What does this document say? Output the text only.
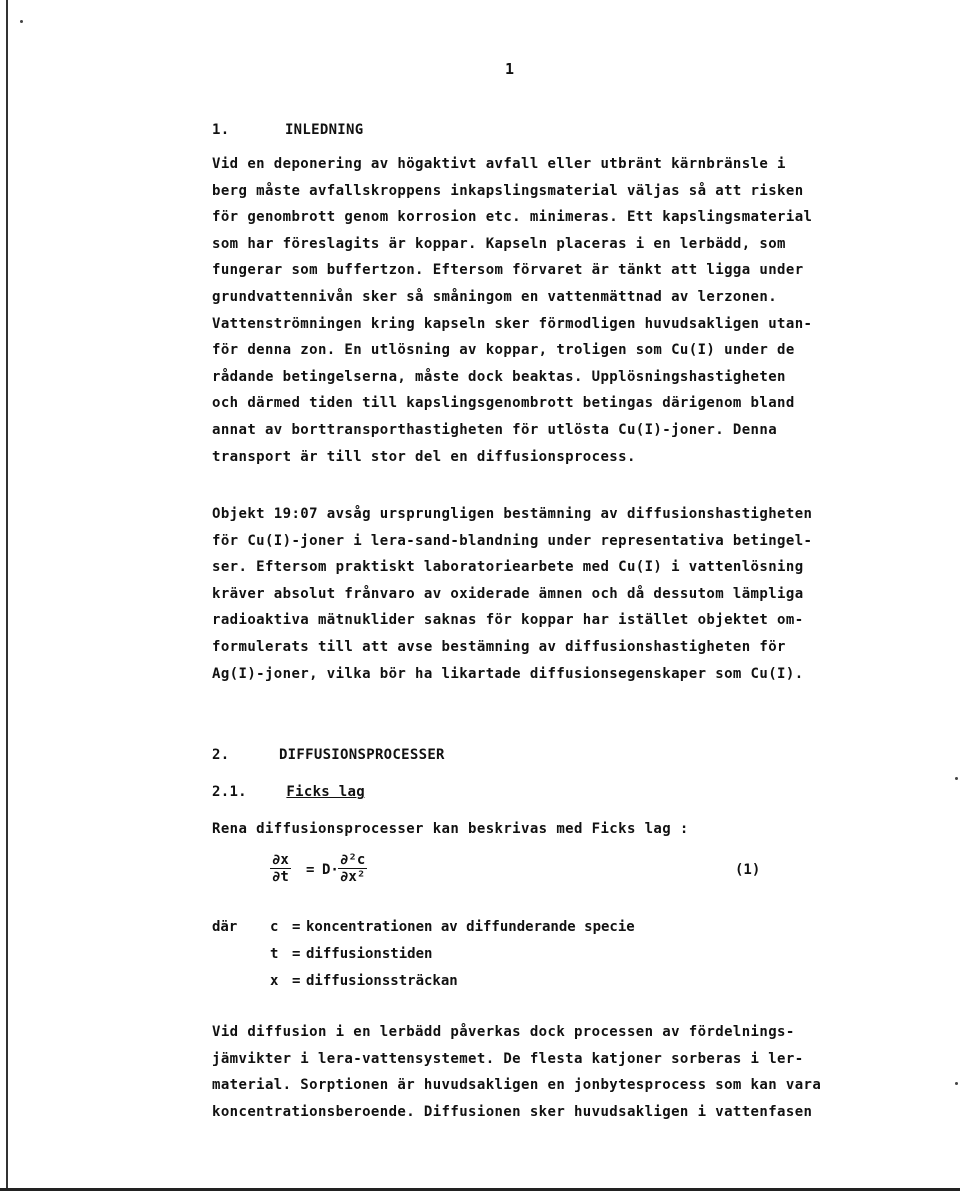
1
1.	INLEDNING

Vid en deponering av högaktivt avfall eller utbränt kärnbränsle i

berg måste avfallskroppens inkapslingsmaterial väljas så att risken

för genombrott genom korrosion etc. minimeras. Ett kapslingsmaterial

som har föreslagits är koppar. Kapseln placeras i en lerbädd, som

fungerar som buffertzon. Eftersom förvaret är tänkt att ligga under

grundvattennivån sker så småningom en vattenmättnad av lerzonen.

Vattenströmningen kring kapseln sker förmodligen huvudsakligen utan-

för denna zon. En utlösning av koppar, troligen som Cu(I) under de

rådande betingelserna, måste dock beaktas. Upplösningshastigheten

och därmed tiden till kapslingsgenombrott betingas därigenom bland

annat av borttransporthastigheten för utlösta Cu(I)-joner. Denna

transport är till stor del en diffusionsprocess.

Objekt 19:07 avsåg ursprungligen bestämning av diffusionshastigheten

för Cu(I)-joner i lera-sand-blandning under representativa betingel-

ser. Eftersom praktiskt laboratoriearbete med Cu(I) i vattenlösning

kräver absolut frånvaro av oxiderade ämnen och då dessutom lämpliga

radioaktiva mätnuklider saknas för koppar har istället objektet om-

formulerats till att avse bestämning av diffusionshastigheten för

Ag(I)-joner, vilka bör ha likartade diffusionsegenskaper som Cu(I).

2.	DIFFUSIONSPROCESSER
2.1.	Ficks lag

Rena diffusionsprocesser kan beskrivas med Ficks lag :

$\frac{\partial x}{\partial t} = D\cdot \frac{\text{∂²c}}{\text{∂x²}}$	(1)
där	c = koncentrationen av diffunderande specie
t = diffusionstiden
x = diffusionssträckan

Vid diffusion i en lerbädd påverkas dock processen av fördelnings-

jämvikter i lera-vattensystemet. De flesta katjoner sorberas i ler-

material. Sorptionen är huvudsakligen en jonbytesprocess som kan vara

koncentrationsberoende. Diffusionen sker huvudsakligen i vattenfasen
